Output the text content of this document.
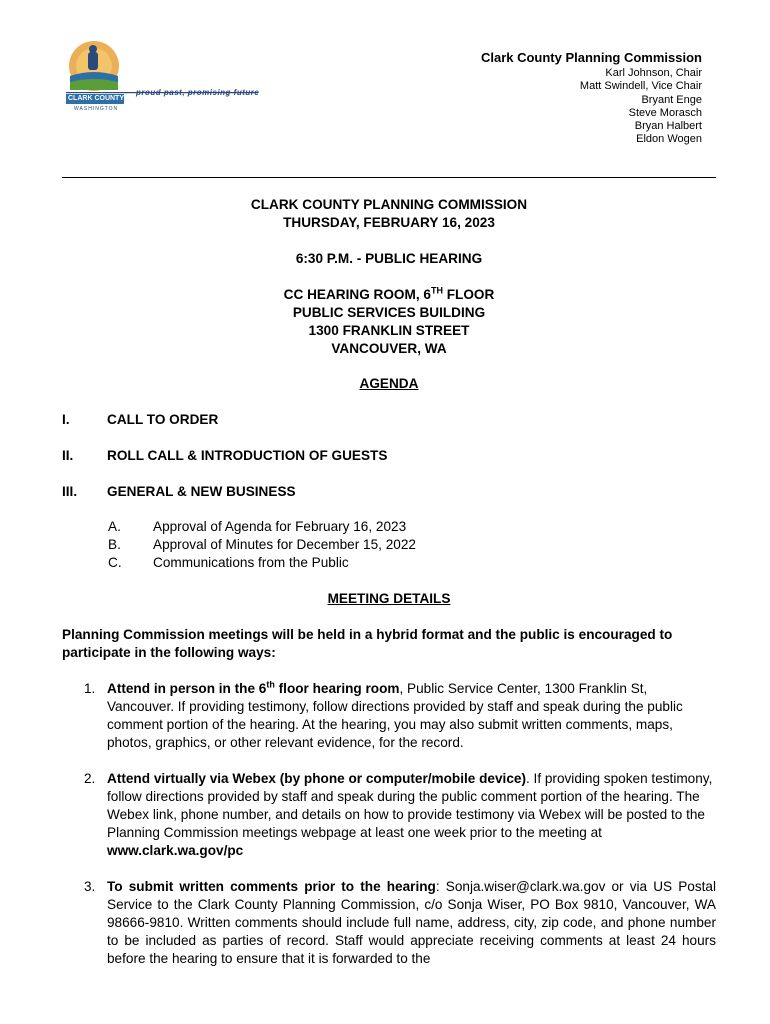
proud past, promising future
CLARK COUNTY
WASHINGTON
Clark County Planning Commission
Karl Johnson, Chair
Matt Swindell, Vice Chair
Bryant Enge
Steve Morasch
Bryan Halbert
Eldon Wogen
CLARK COUNTY PLANNING COMMISSION
THURSDAY, FEBRUARY 16, 2023
6:30 P.M. - PUBLIC HEARING
CC HEARING ROOM, 6TH FLOOR
PUBLIC SERVICES BUILDING
1300 FRANKLIN STREET
VANCOUVER, WA
AGENDA
I.	CALL TO ORDER
II. ROLL CALL & INTRODUCTION OF GUESTS
III. GENERAL & NEW BUSINESS
A. Approval of Agenda for February 16, 2023
B. Approval of Minutes for December 15, 2022
C. Communications from the Public
MEETING DETAILS
Planning Commission meetings will be held in a hybrid format and the public is encouraged to participate in the following ways:
1. Attend in person in the 6th floor hearing room, Public Service Center, 1300 Franklin St, Vancouver. If providing testimony, follow directions provided by staff and speak during the public comment portion of the hearing. At the hearing, you may also submit written comments, maps, photos, graphics, or other relevant evidence, for the record.
2. Attend virtually via Webex (by phone or computer/mobile device). If providing spoken testimony, follow directions provided by staff and speak during the public comment portion of the hearing. The Webex link, phone number, and details on how to provide testimony via Webex will be posted to the Planning Commission meetings webpage at least one week prior to the meeting at www.clark.wa.gov/pc
3. To submit written comments prior to the hearing: Sonja.wiser@clark.wa.gov or via US Postal Service to the Clark County Planning Commission, c/o Sonja Wiser, PO Box 9810, Vancouver, WA 98666-9810. Written comments should include full name, address, city, zip code, and phone number to be included as parties of record. Staff would appreciate receiving comments at least 24 hours before the hearing to ensure that it is forwarded to the
